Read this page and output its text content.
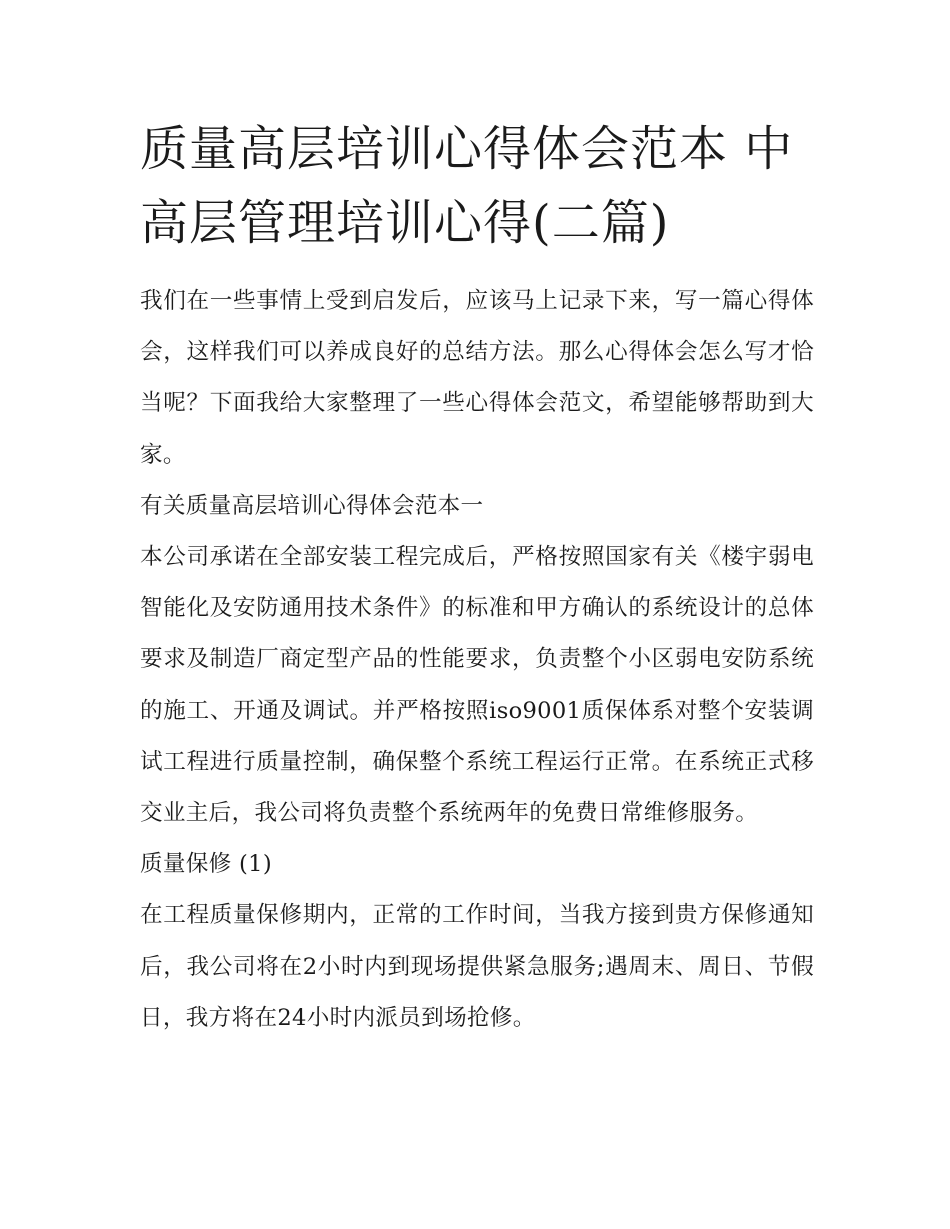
质量高层培训心得体会范本 中高层管理培训心得(二篇)

我们在一些事情上受到启发后，应该马上记录下来，写一篇心得体会，这样我们可以养成良好的总结方法。那么心得体会怎么写才恰当呢？下面我给大家整理了一些心得体会范文，希望能够帮助到大家。

有关质量高层培训心得体会范本一

本公司承诺在全部安装工程完成后，严格按照国家有关《楼宇弱电智能化及安防通用技术条件》的标准和甲方确认的系统设计的总体要求及制造厂商定型产品的性能要求，负责整个小区弱电安防系统的施工、开通及调试。并严格按照iso9001质保体系对整个安装调试工程进行质量控制，确保整个系统工程运行正常。在系统正式移交业主后，我公司将负责整个系统两年的免费日常维修服务。

质量保修 (1)

在工程质量保修期内，正常的工作时间，当我方接到贵方保修通知后，我公司将在2小时内到现场提供紧急服务;遇周末、周日、节假日，我方将在24小时内派员到场抢修。
